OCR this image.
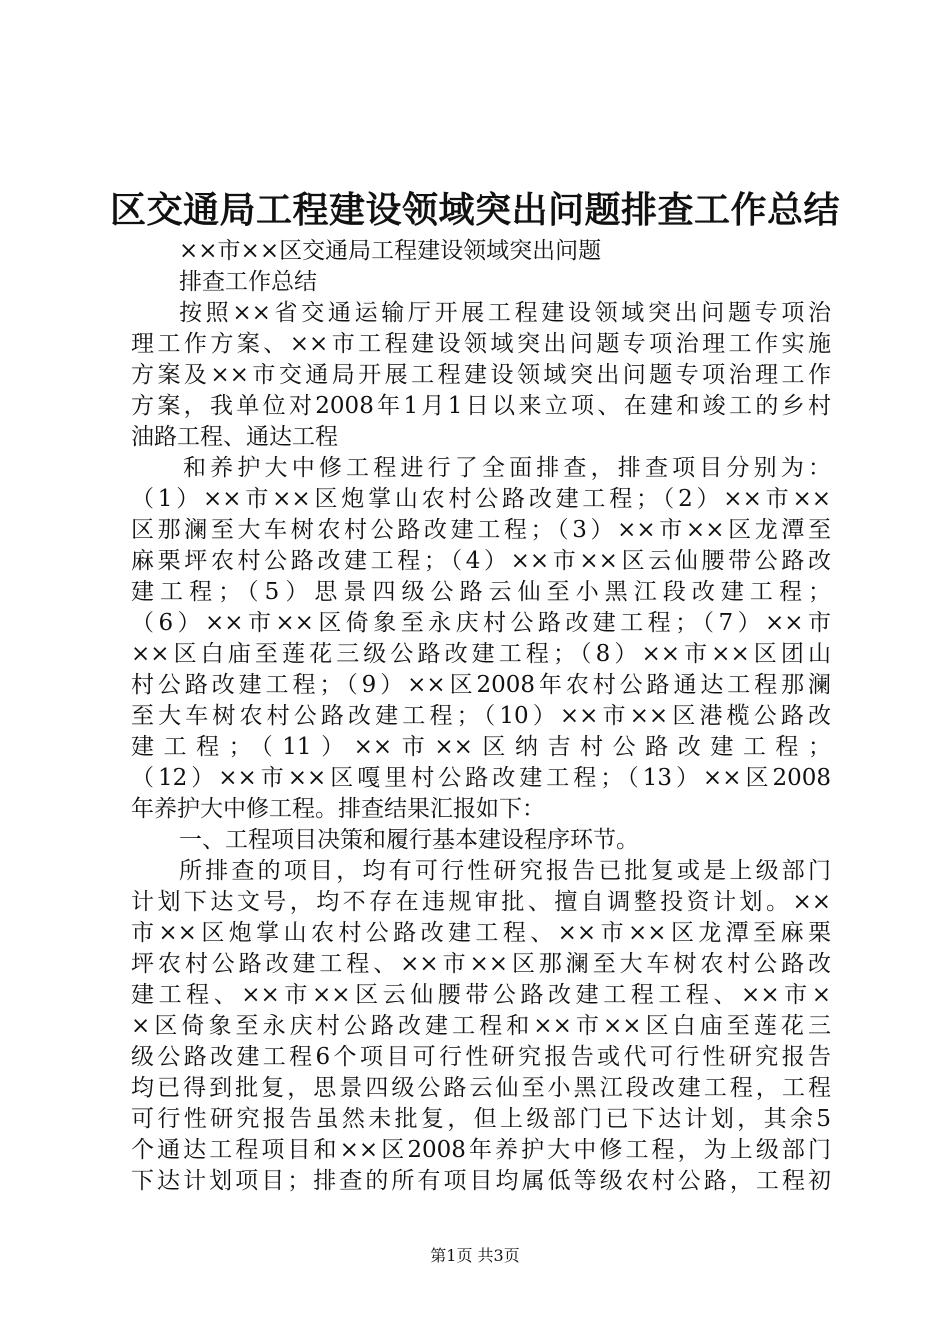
区交通局工程建设领域突出问题排查工作总结
××市××区交通局工程建设领域突出问题
排查工作总结
按照××省交通运输厅开展工程建设领域突出问题专项治
理工作方案、××市工程建设领域突出问题专项治理工作实施
方案及××市交通局开展工程建设领域突出问题专项治理工作
方案，我单位对2008年1月1日以来立项、在建和竣工的乡村
油路工程、通达工程
和养护大中修工程进行了全面排查，排查项目分别为：
（1）××市××区炮掌山农村公路改建工程；（2）××市××
区那澜至大车树农村公路改建工程；（3）××市××区龙潭至
麻栗坪农村公路改建工程；（4）××市××区云仙腰带公路改
建工程；（5）思景四级公路云仙至小黑江段改建工程；
（6）××市××区倚象至永庆村公路改建工程；（7）××市
××区白庙至莲花三级公路改建工程；（8）××市××区团山
村公路改建工程；（9）××区2008年农村公路通达工程那澜
至大车树农村公路改建工程；（10）××市××区港榄公路改
建工程；（11）××市××区纳吉村公路改建工程；
（12）××市××区嘎里村公路改建工程；（13）××区2008
年养护大中修工程。排查结果汇报如下：
一、工程项目决策和履行基本建设程序环节。
所排查的项目，均有可行性研究报告已批复或是上级部门
计划下达文号，均不存在违规审批、擅自调整投资计划。××
市××区炮掌山农村公路改建工程、××市××区龙潭至麻栗
坪农村公路改建工程、××市××区那澜至大车树农村公路改
建工程、××市××区云仙腰带公路改建工程工程、××市×
×区倚象至永庆村公路改建工程和××市××区白庙至莲花三
级公路改建工程6个项目可行性研究报告或代可行性研究报告
均已得到批复，思景四级公路云仙至小黑江段改建工程，工程
可行性研究报告虽然未批复，但上级部门已下达计划，其余5
个通达工程项目和××区2008年养护大中修工程，为上级部门
下达计划项目；排查的所有项目均属低等级农村公路，工程初
第1页 共3页
